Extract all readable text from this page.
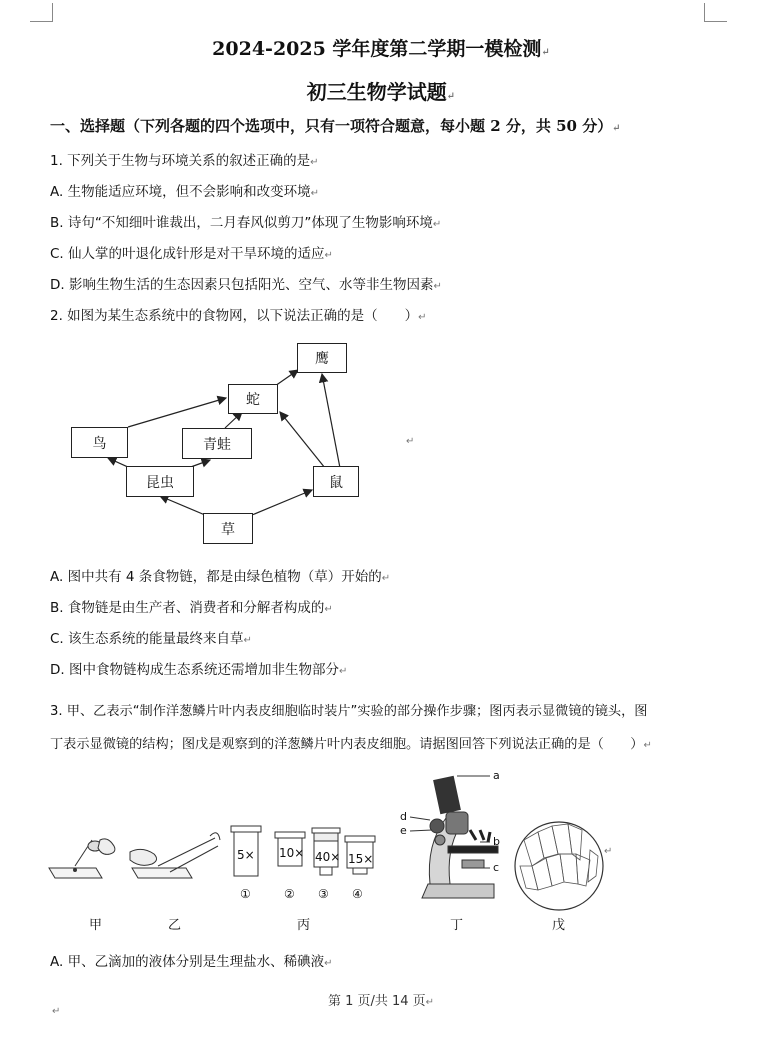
2024-2025 学年度第二学期一模检测↵
初三生物学试题↵
一、选择题（下列各题的四个选项中，只有一项符合题意，每小题 2 分，共 50 分）↵
1. 下列关于生物与环境关系的叙述正确的是↵
A. 生物能适应环境，但不会影响和改变环境↵
B. 诗句“不知细叶谁裁出，二月春风似剪刀”体现了生物影响环境↵
C. 仙人掌的叶退化成针形是对干旱环境的适应↵
D. 影响生物生活的生态因素只包括阳光、空气、水等非生物因素↵
2. 如图为某生态系统中的食物网，以下说法正确的是（　　）↵
鹰
蛇
鸟	青蛙
昆虫	鼠
草
↵
A. 图中共有 4 条食物链，都是由绿色植物（草）开始的↵
B. 食物链是由生产者、消费者和分解者构成的↵
C. 该生态系统的能量最终来自草↵
D. 图中食物链构成生态系统还需增加非生物部分↵
3. 甲、乙表示“制作洋葱鳞片叶内表皮细胞临时装片”实验的部分操作步骤；图丙表示显微镜的镜头，图
丁表示显微镜的结构；图戊是观察到的洋葱鳞片叶内表皮细胞。请据图回答下列说法正确的是（　　）↵
5× 10× 40× 15×
①	② ③ ④
a
b
c
d
e
↵
甲	乙	丙	丁	戊
A. 甲、乙滴加的液体分别是生理盐水、稀碘液↵
第 1 页/共 14 页↵
↵
